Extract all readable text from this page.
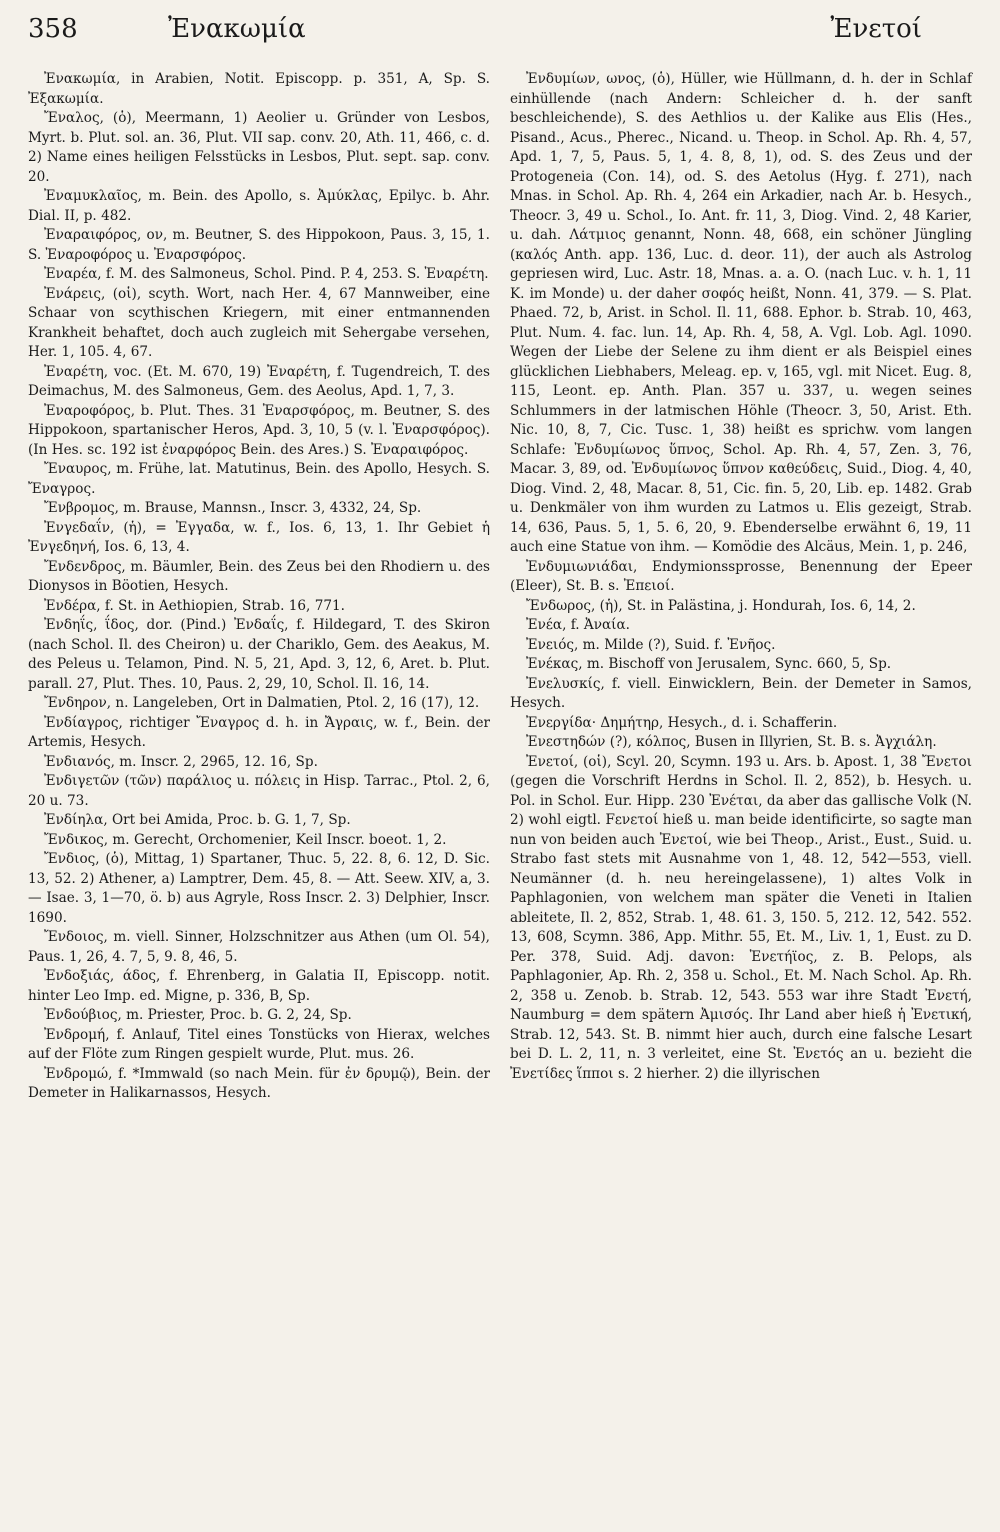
358	Ἐνακωμία	Ἐνετοί

Ἐνακωμία, in Arabien, Notit. Episcopp. p. 351, A, Sp. S. Ἐξακωμία.

Ἔναλος, (ὁ), Meermann, 1) Aeolier u. Gründer von Lesbos, Myrt. b. Plut. sol. an. 36, Plut. VII sap. conv. 20, Ath. 11, 466, c. d. 2) Name eines heiligen Felsstücks in Lesbos, Plut. sept. sap. conv. 20.

Ἐναμυκλαῖος, m. Bein. des Apollo, s. Ἀμύκλας, Epilyc. b. Ahr. Dial. II, p. 482.

Ἐναραιφόρος, ον, m. Beutner, S. des Hippokoon, Paus. 3, 15, 1. S. Ἐναροφόρος u. Ἐναρσφόρος.

Ἐναρέα, f. M. des Salmoneus, Schol. Pind. P. 4, 253. S. Ἐναρέτη.

Ἐνάρεις, (οἱ), scyth. Wort, nach Her. 4, 67 Mannweiber, eine Schaar von scythischen Kriegern, mit einer entmannenden Krankheit behaftet, doch auch zugleich mit Sehergabe versehen, Her. 1, 105. 4, 67.

Ἐναρέτη, voc. (Et. M. 670, 19) Ἐναρέτη, f. Tugendreich, T. des Deimachus, M. des Salmoneus, Gem. des Aeolus, Apd. 1, 7, 3.

Ἐναροφόρος, b. Plut. Thes. 31 Ἐναρσφόρος, m. Beutner, S. des Hippokoon, spartanischer Heros, Apd. 3, 10, 5 (v. l. Ἐναρσφόρος). (In Hes. sc. 192 ist ἐναρφόρος Bein. des Ares.) S. Ἐναραιφόρος.

Ἔναυρος, m. Frühe, lat. Matutinus, Bein. des Apollo, Hesych. S. Ἔναγρος.

Ἔνβρομος, m. Brause, Mannsn., Inscr. 3, 4332, 24, Sp.

Ἐνγεδαΐν, (ἡ), = Ἐγγαδα, w. f., Ios. 6, 13, 1. Ihr Gebiet ἡ Ἐνγεδηνή, Ios. 6, 13, 4.

Ἔνδενδρος, m. Bäumler, Bein. des Zeus bei den Rhodiern u. des Dionysos in Böotien, Hesych.

Ἐνδέρα, f. St. in Aethiopien, Strab. 16, 771.

Ἐνδηΐς, ΐδος, dor. (Pind.) Ἐνδαΐς, f. Hildegard, T. des Skiron (nach Schol. Il. des Cheiron) u. der Chariklo, Gem. des Aeakus, M. des Peleus u. Telamon, Pind. N. 5, 21, Apd. 3, 12, 6, Aret. b. Plut. parall. 27, Plut. Thes. 10, Paus. 2, 29, 10, Schol. Il. 16, 14.

Ἔνδηρον, n. Langeleben, Ort in Dalmatien, Ptol. 2, 16 (17), 12.

Ἐνδίαγρος, richtiger Ἔναγρος d. h. in Ἄγραις, w. f., Bein. der Artemis, Hesych.

Ἐνδιανός, m. Inscr. 2, 2965, 12. 16, Sp.

Ἐνδιγετῶν (τῶν) παράλιος u. πόλεις in Hisp. Tarrac., Ptol. 2, 6, 20 u. 73.

Ἐνδίηλα, Ort bei Amida, Proc. b. G. 1, 7, Sp.

Ἔνδικος, m. Gerecht, Orchomenier, Keil Inscr. boeot. 1, 2.

Ἔνδιος, (ὁ), Mittag, 1) Spartaner, Thuc. 5, 22. 8, 6. 12, D. Sic. 13, 52. 2) Athener, a) Lamptrer, Dem. 45, 8. — Att. Seew. XIV, a, 3. — Isae. 3, 1—70, ö. b) aus Agryle, Ross Inscr. 2. 3) Delphier, Inscr. 1690.

Ἔνδοιος, m. viell. Sinner, Holzschnitzer aus Athen (um Ol. 54), Paus. 1, 26, 4. 7, 5, 9. 8, 46, 5.

Ἐνδοξιάς, άδος, f. Ehrenberg, in Galatia II, Episcopp. notit. hinter Leo Imp. ed. Migne, p. 336, B, Sp.

Ἐνδούβιος, m. Priester, Proc. b. G. 2, 24, Sp.

Ἐνδρομή, f. Anlauf, Titel eines Tonstücks von Hierax, welches auf der Flöte zum Ringen gespielt wurde, Plut. mus. 26.

Ἐνδρομώ, f. *Immwald (so nach Mein. für ἐν δρυμῷ), Bein. der Demeter in Halikarnassos, Hesych.

Ἐνδυμίων, ωνος, (ὁ), Hüller, wie Hüllmann, d. h. der in Schlaf einhüllende (nach Andern: Schleicher d. h. der sanft beschleichende), S. des Aethlios u. der Kalike aus Elis (Hes., Pisand., Acus., Pherec., Nicand. u. Theop. in Schol. Ap. Rh. 4, 57, Apd. 1, 7, 5, Paus. 5, 1, 4. 8, 8, 1), od. S. des Zeus und der Protogeneia (Con. 14), od. S. des Aetolus (Hyg. f. 271), nach Mnas. in Schol. Ap. Rh. 4, 264 ein Arkadier, nach Ar. b. Hesych., Theocr. 3, 49 u. Schol., Io. Ant. fr. 11, 3, Diog. Vind. 2, 48 Karier, u. dah. Λάτμιος genannt, Nonn. 48, 668, ein schöner Jüngling (καλός Anth. app. 136, Luc. d. deor. 11), der auch als Astrolog gepriesen wird, Luc. Astr. 18, Mnas. a. a. O. (nach Luc. v. h. 1, 11 K. im Monde) u. der daher σοφός heißt, Nonn. 41, 379. — S. Plat. Phaed. 72, b, Arist. in Schol. Il. 11, 688. Ephor. b. Strab. 10, 463, Plut. Num. 4. fac. lun. 14, Ap. Rh. 4, 58, A. Vgl. Lob. Agl. 1090. Wegen der Liebe der Selene zu ihm dient er als Beispiel eines glücklichen Liebhabers, Meleag. ep. v, 165, vgl. mit Nicet. Eug. 8, 115, Leont. ep. Anth. Plan. 357 u. 337, u. wegen seines Schlummers in der latmischen Höhle (Theocr. 3, 50, Arist. Eth. Nic. 10, 8, 7, Cic. Tusc. 1, 38) heißt es sprichw. vom langen Schlafe: Ἐνδυμίωνος ὕπνος, Schol. Ap. Rh. 4, 57, Zen. 3, 76, Macar. 3, 89, od. Ἐνδυμίωνος ὕπνον καθεύδεις, Suid., Diog. 4, 40, Diog. Vind. 2, 48, Macar. 8, 51, Cic. fin. 5, 20, Lib. ep. 1482. Grab u. Denkmäler von ihm wurden zu Latmos u. Elis gezeigt, Strab. 14, 636, Paus. 5, 1, 5. 6, 20, 9. Ebenderselbe erwähnt 6, 19, 11 auch eine Statue von ihm. — Komödie des Alcäus, Mein. 1, p. 246,

Ἐνδυμιωνιάδαι, Endymionssprosse, Benennung der Epeer (Eleer), St. B. s. Ἐπειοί.

Ἔνδωρος, (ἡ), St. in Palästina, j. Hondurah, Ios. 6, 14, 2.

Ἐνέα, f. Ἀναία.

Ἐνειός, m. Milde (?), Suid. f. Ἐνῆος.

Ἐνέκας, m. Bischoff von Jerusalem, Sync. 660, 5, Sp.

Ἐνελυσκίς, f. viell. Einwicklern, Bein. der Demeter in Samos, Hesych.

Ἐνεργίδα· Δημήτηρ, Hesych., d. i. Schafferin.

Ἐνεστηδών (?), κόλπος, Busen in Illyrien, St. B. s. Ἀγχιάλη.

Ἐνετοί, (οἱ), Scyl. 20, Scymn. 193 u. Ars. b. Apost. 1, 38 Ἔνετοι (gegen die Vorschrift Herdns in Schol. Il. 2, 852), b. Hesych. u. Pol. in Schol. Eur. Hipp. 230 Ἐνέται, da aber das gallische Volk (N. 2) wohl eigtl. Fενετοί hieß u. man beide identificirte, so sagte man nun von beiden auch Ἐνετοί, wie bei Theop., Arist., Eust., Suid. u. Strabo fast stets mit Ausnahme von 1, 48. 12, 542—553, viell. Neumänner (d. h. neu hereingelassene), 1) altes Volk in Paphlagonien, von welchem man später die Veneti in Italien ableitete, Il. 2, 852, Strab. 1, 48. 61. 3, 150. 5, 212. 12, 542. 552. 13, 608, Scymn. 386, App. Mithr. 55, Et. M., Liv. 1, 1, Eust. zu D. Per. 378, Suid. Adj. davon: Ἐνετήϊος, z. B. Pelops, als Paphlagonier, Ap. Rh. 2, 358 u. Schol., Et. M. Nach Schol. Ap. Rh. 2, 358 u. Zenob. b. Strab. 12, 543. 553 war ihre Stadt Ἐνετή, Naumburg = dem spätern Ἀμισός. Ihr Land aber hieß ἡ Ἐνετική, Strab. 12, 543. St. B. nimmt hier auch, durch eine falsche Lesart bei D. L. 2, 11, n. 3 verleitet, eine St. Ἐνετός an u. bezieht die Ἐνετίδες ἵπποι s. 2 hierher. 2) die illyrischen
